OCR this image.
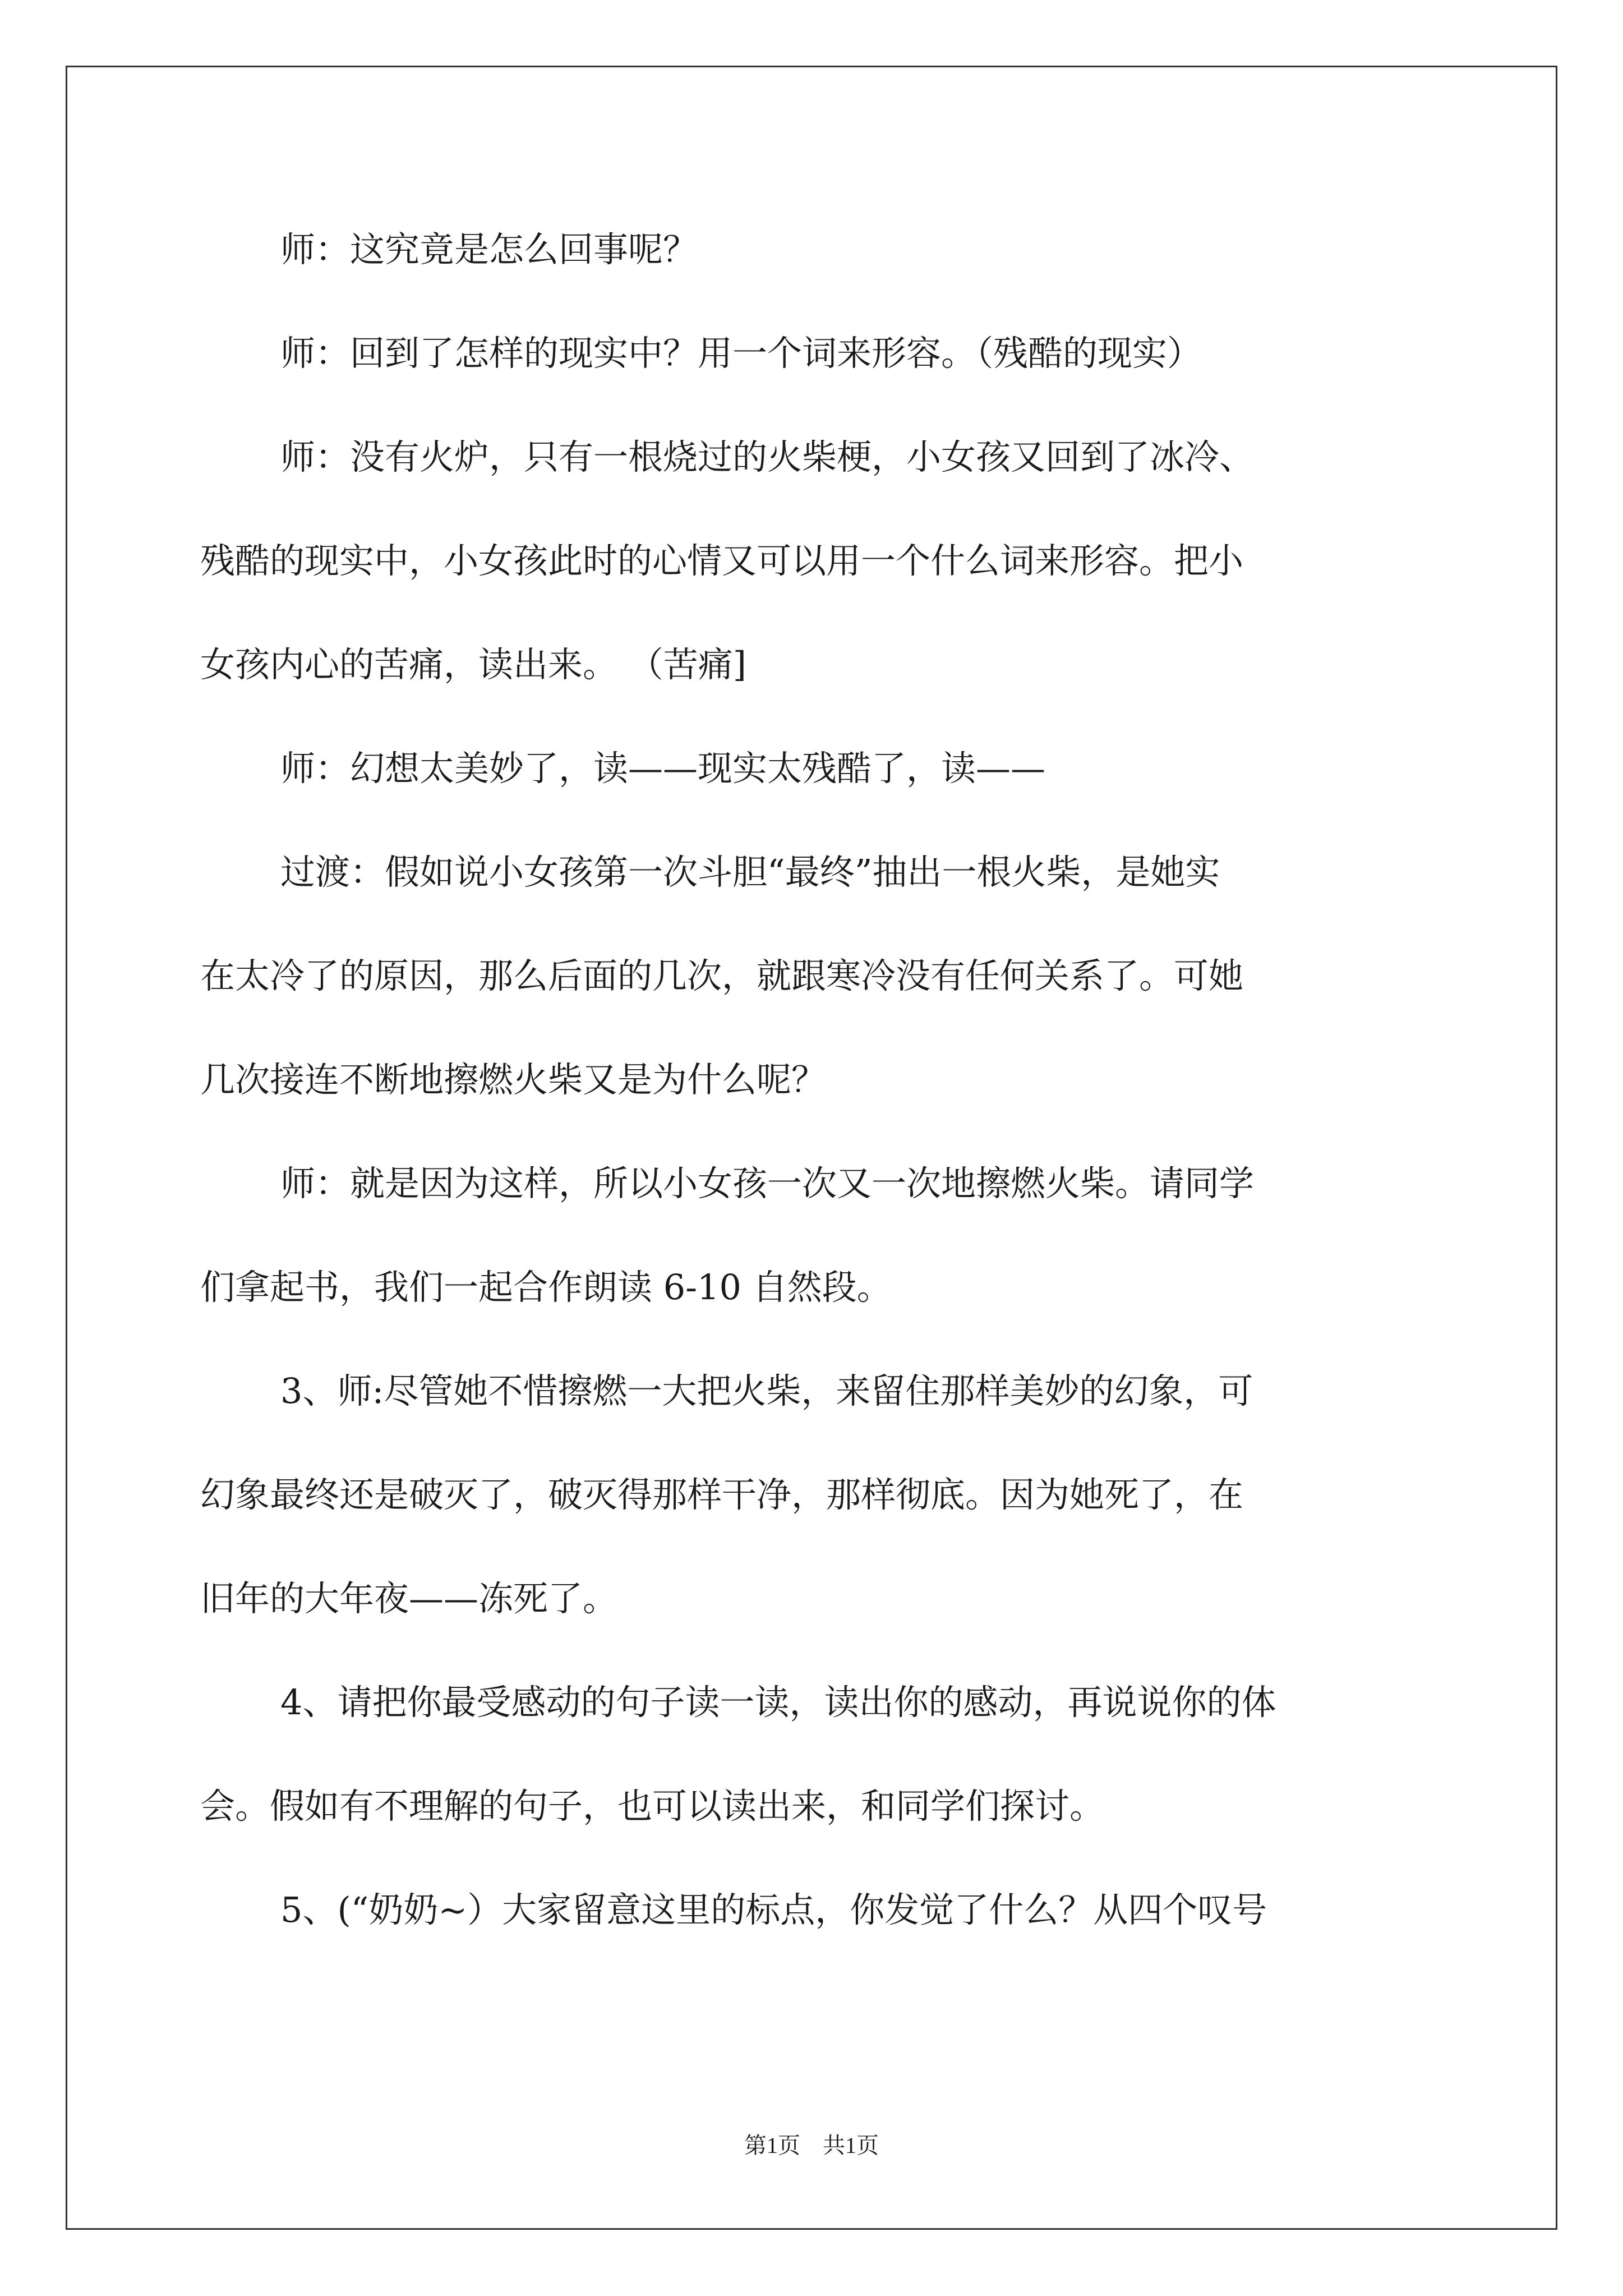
师：这究竟是怎么回事呢？
师：回到了怎样的现实中？用一个词来形容。（残酷的现实）
师：没有火炉，只有一根烧过的火柴梗，小女孩又回到了冰冷、
残酷的现实中，小女孩此时的心情又可以用一个什么词来形容。把小
女孩内心的苦痛，读出来。 （苦痛]
师：幻想太美妙了，读——现实太残酷了，读——
过渡：假如说小女孩第一次斗胆“最终”抽出一根火柴，是她实
在太冷了的原因，那么后面的几次，就跟寒冷没有任何关系了。可她
几次接连不断地擦燃火柴又是为什么呢？
师：就是因为这样，所以小女孩一次又一次地擦燃火柴。请同学
们拿起书，我们一起合作朗读 6-10 自然段。
3、师:尽管她不惜擦燃一大把火柴，来留住那样美妙的幻象，可
幻象最终还是破灭了，破灭得那样干净，那样彻底。因为她死了，在
旧年的大年夜——冻死了。
4、请把你最受感动的句子读一读，读出你的感动，再说说你的体
会。假如有不理解的句子，也可以读出来，和同学们探讨。
5、(“奶奶~）大家留意这里的标点，你发觉了什么？从四个叹号
第1页　共1页
